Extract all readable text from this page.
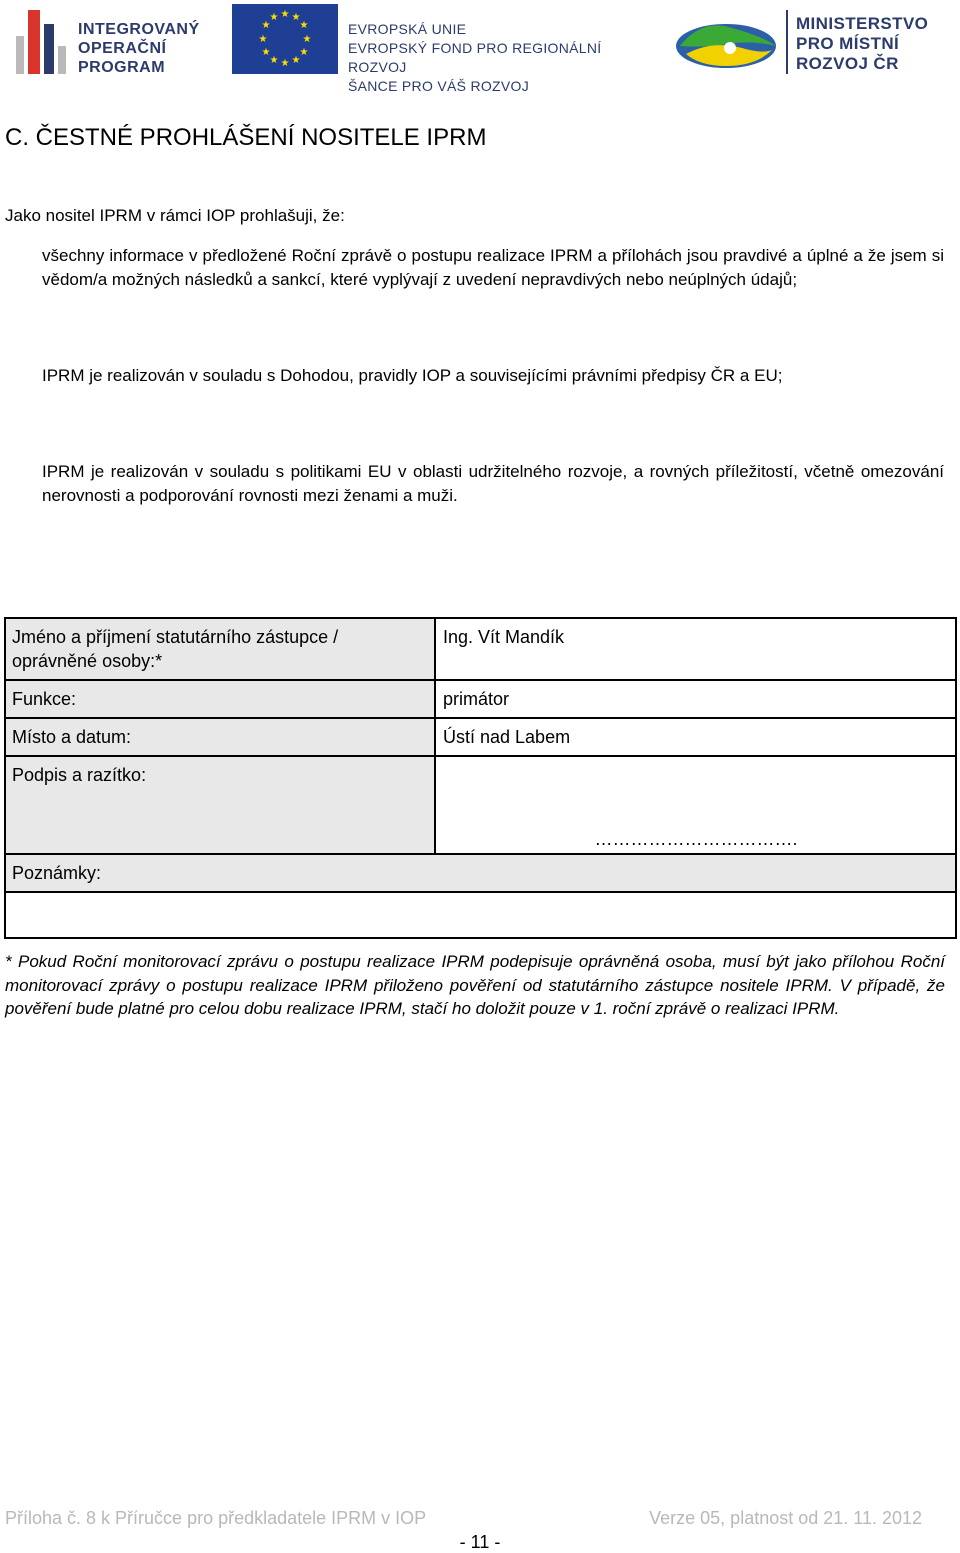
INTEGROVANÝ
OPERAČNÍ
PROGRAM
★ ★
★
★
★
★
★
★
★
★
★
★
EVROPSKÁ UNIE
EVROPSKÝ FOND PRO REGIONÁLNÍ ROZVOJ
ŠANCE PRO VÁŠ ROZVOJ
MINISTERSTVO
PRO MÍSTNÍ
ROZVOJ ČR
C. ČESTNÉ PROHLÁŠENÍ NOSITELE IPRM
Jako nositel IPRM v rámci IOP prohlašuji, že:
všechny informace v předložené Roční zprávě o postupu realizace IPRM a přílohách jsou pravdivé a úplné a že jsem si vědom/a možných následků a sankcí, které vyplývají z uvedení nepravdivých nebo neúplných údajů;
IPRM je realizován v souladu s Dohodou, pravidly IOP a souvisejícími právními předpisy ČR a EU;
IPRM je realizován v souladu s politikami EU v oblasti udržitelného rozvoje, a rovných příležitostí, včetně omezování nerovnosti a podporování rovnosti mezi ženami a muži.
Jméno a příjmení statutárního zástupce / oprávněné osoby:*	Ing. Vít Mandík
Funkce:	primátor
Místo a datum:	Ústí nad Labem
Podpis a razítko:	…………………………….
Poznámky:	

* Pokud Roční monitorovací zprávu o postupu realizace IPRM podepisuje oprávněná osoba, musí být jako přílohou Roční monitorovací zprávy o postupu realizace IPRM přiloženo pověření od statutárního zástupce nositele IPRM. V případě, že pověření bude platné pro celou dobu realizace IPRM, stačí ho doložit pouze v 1. roční zprávě o realizaci IPRM.
Příloha č. 8 k Příručce pro předkladatele IPRM v IOP	Verze 05, platnost od 21. 11. 2012
- 11 -
